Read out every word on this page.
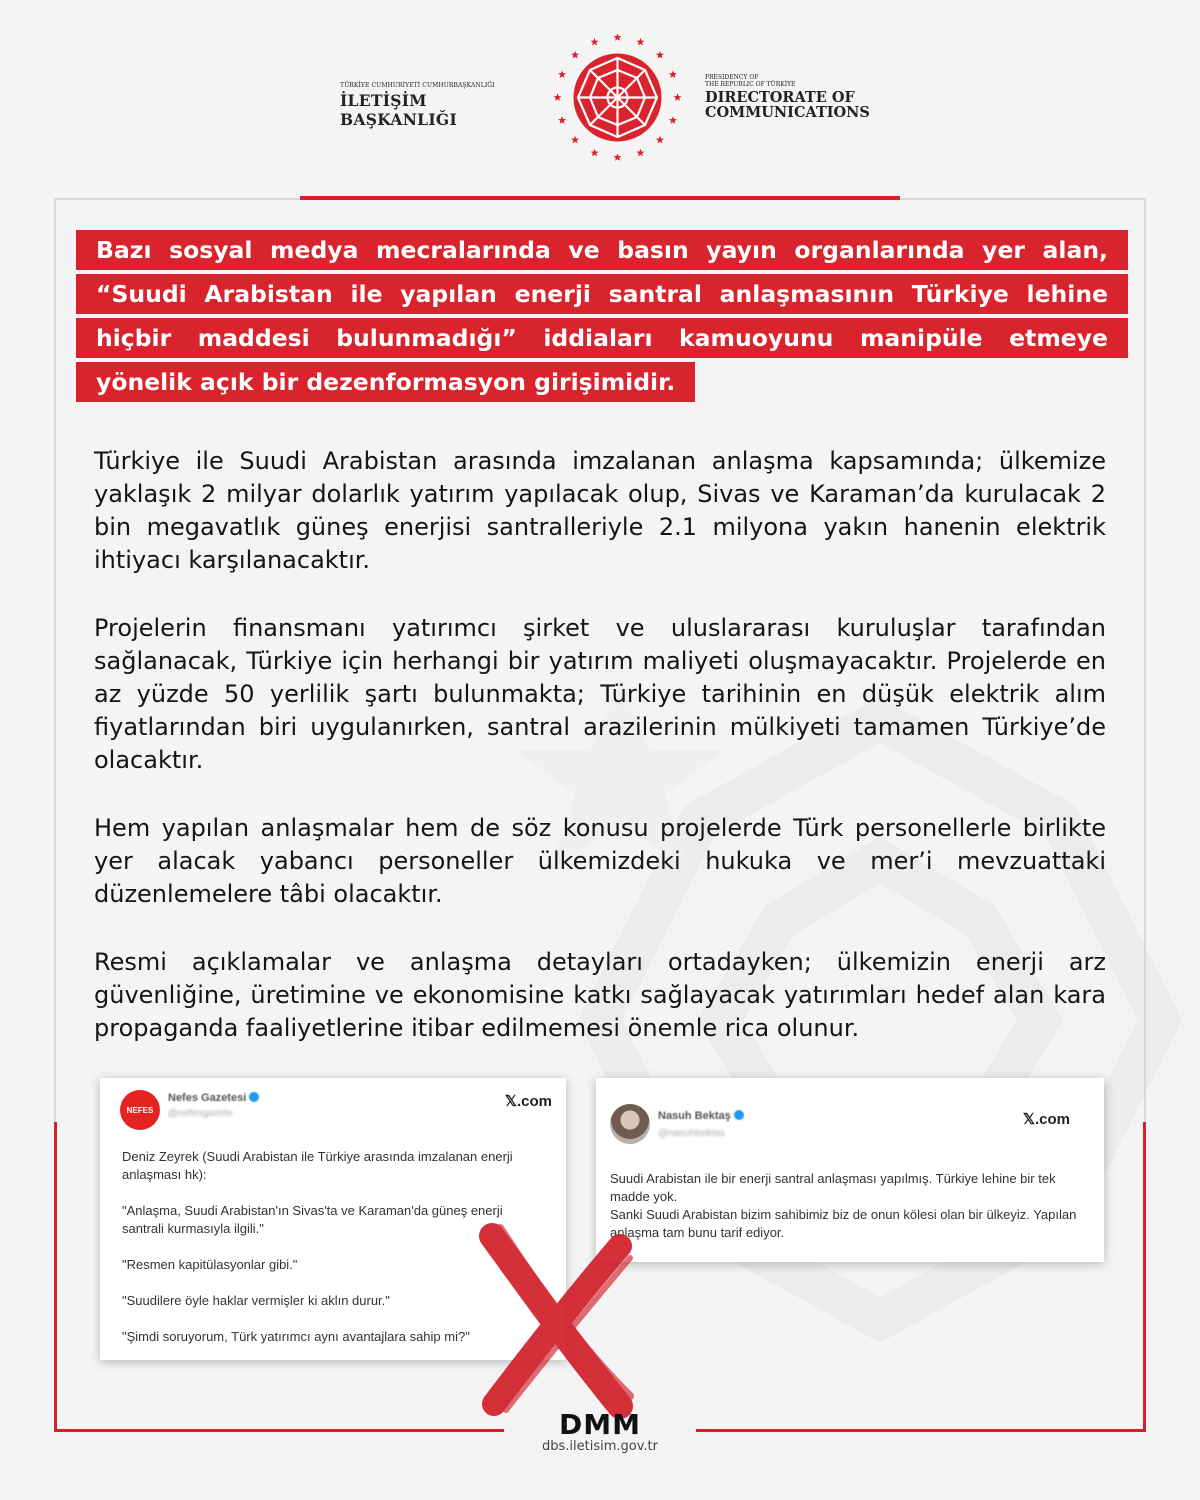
TÜRKİYE CUMHURİYETİ CUMHURBAŞKANLIĞI
İLETİŞİM BAŞKANLIĞI
PRESIDENCY OF
THE REPUBLIC OF TÜRKİYE
DIRECTORATE OF
COMMUNICATIONS
Bazı sosyal medya mecralarında ve basın yayın organlarında yer alan,
“Suudi Arabistan ile yapılan enerji santral anlaşmasının Türkiye lehine
hiçbir maddesi bulunmadığı” iddiaları kamuoyunu manipüle etmeye
yönelik açık bir dezenformasyon girişimidir.

Türkiye ile Suudi Arabistan arasında imzalanan anlaşma kapsamında; ülkemize yaklaşık 2 milyar dolarlık yatırım yapılacak olup, Sivas ve Karaman’da kurulacak 2 bin megavatlık güneş enerjisi santralleriyle 2.1 milyona yakın hanenin elektrik ihtiyacı karşılanacaktır.

Projelerin finansmanı yatırımcı şirket ve uluslararası kuruluşlar tarafından sağlanacak, Türkiye için herhangi bir yatırım maliyeti oluşmayacaktır. Projelerde en az yüzde 50 yerlilik şartı bulunmakta; Türkiye tarihinin en düşük elektrik alım fiyatlarından biri uygulanırken, santral arazilerinin mülkiyeti tamamen Türkiye’de olacaktır.

Hem yapılan anlaşmalar hem de söz konusu projelerde Türk personellerle birlikte yer alacak yabancı personeller ülkemizdeki hukuka ve mer’i mevzuattaki düzenlemelere tâbi olacaktır.

Resmi açıklamalar ve anlaşma detayları ortadayken; ülkemizin enerji arz güvenliğine, üretimine ve ekonomisine katkı sağlayacak yatırımları hedef alan kara propaganda faaliyetlerine itibar edilmemesi önemle rica olunur.

NEFES
Nefes Gazetesi
@nefesgazete
𝕏.com

Deniz Zeyrek (Suudi Arabistan ile Türkiye arasında imzalanan enerji anlaşması hk):

"Anlaşma, Suudi Arabistan'ın Sivas'ta ve Karaman'da güneş enerji santrali kurmasıyla ilgili."

"Resmen kapitülasyonlar gibi."

"Suudilere öyle haklar vermişler ki aklın durur."

"Şimdi soruyorum, Türk yatırımcı aynı avantajlara sahip mi?"

Nasuh Bektaş
@nasuhbektas
𝕏.com

Suudi Arabistan ile bir enerji santral anlaşması yapılmış. Türkiye lehine bir tek madde yok.

Sanki Suudi Arabistan bizim sahibimiz biz de onun kölesi olan bir ülkeyiz. Yapılan anlaşma tam bunu tarif ediyor.

DMM
dbs.iletisim.gov.tr
